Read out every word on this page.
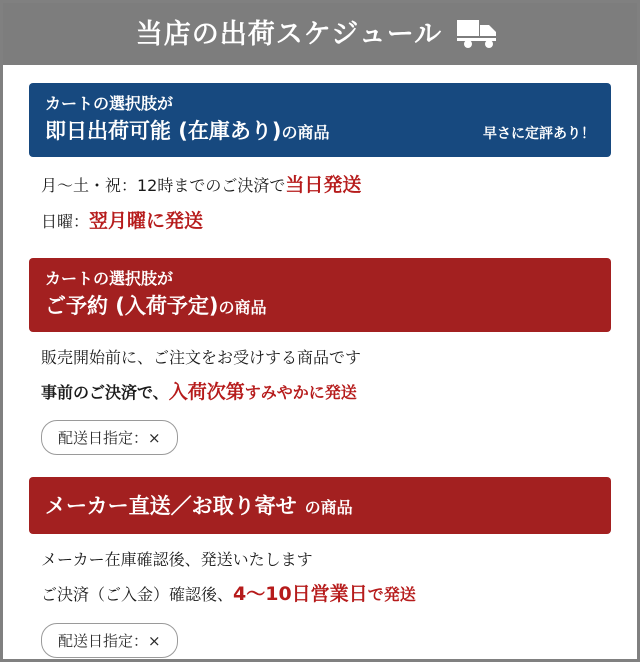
当店の出荷スケジュール
カートの選択肢が
即日出荷可能 (在庫あり)の商品	早さに定評あり！

月〜土・祝：12時までのご決済で当日発送

日曜：翌月曜に発送

カートの選択肢が
ご予約 (入荷予定)の商品

販売開始前に、ご注文をお受けする商品です

事前のご決済で、入荷次第すみやかに発送

配送日指定：×
メーカー直送／お取り寄せ の商品

メーカー在庫確認後、発送いたします

ご決済（ご入金）確認後、4〜10日営業日で発送

配送日指定：×
